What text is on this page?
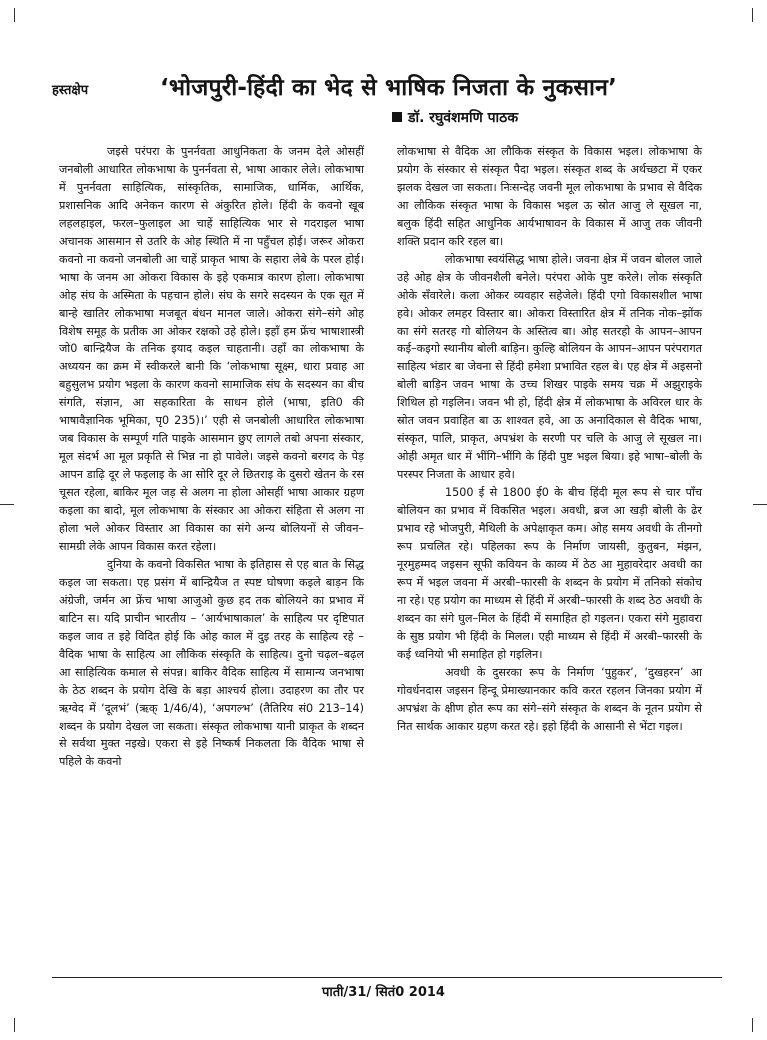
हस्तक्षेप	‘भोजपुरी-हिंदी का भेद से भाषिक निजता के नुकसान’
डॉ. रघुवंशमणि पाठक

जइसे परंपरा के पुनर्नवता आधुनिकता के जनम देले ओसहीं जनबोली आधारित लोकभाषा के पुनर्नवता से, भाषा आकार लेले। लोकभाषा में पुनर्नवता साहित्यिक, सांस्कृतिक, सामाजिक, धार्मिक, आर्थिक, प्रशासनिक आदि अनेकन कारण से अंकुरित होले। हिंदी के कवनो खूब लहलहाइल, फरल–फुलाइल आ चाहें साहित्यिक भार से गदराइल भाषा अचानक आसमान से उतरि के ओह स्थिति में ना पहुँचल होई। जरूर ओकरा कवनो ना कवनो जनबोली आ चाहें प्राकृत भाषा के सहारा लेबे के परल होई। भाषा के जनम आ ओकरा विकास के इहे एकमात्र कारण होला। लोकभाषा ओह संघ के अस्मिता के पहचान होले। संघ के सगरे सदस्यन के एक सूत में बान्हे खातिर लोकभाषा मजबूत बंधन मानल जाले। ओकरा संगे–संगे ओह विशेष समूह के प्रतीक आ ओकर रक्षको उहे होले। इहाँ हम फ्रेंच भाषाशास्त्री जो0 बान्द्रियैज के तनिक इयाद कइल चाहतानी। उहाँ का लोकभाषा के अध्ययन का क्रम में स्वीकरले बानी कि ‘लोकभाषा सूक्ष्म, धारा प्रवाह आ बहुसुलभ प्रयोग भइला के कारण कवनो सामाजिक संघ के सदस्यन का बीच संगति, संज्ञान, आ सहकारिता के साधन होले (भाषा, इति0 की भाषावैज्ञानिक भूमिका, पृ0 235)।’ एही से जनबोली आधारित लोकभाषा जब विकास के सम्पूर्ण गति पाइके आसमान छुए लागले तबो अपना संस्कार, मूल संदर्भ आ मूल प्रकृति से भिन्न ना हो पावेले। जइसे कवनो बरगद के पेड़ आपन डाढ़ि दूर ले फइलाइ के आ सोरि दूर ले छितराइ के दुसरो खेतन के रस चूसत रहेला, बाकिर मूल जड़ से अलग ना होला ओसहीं भाषा आकार ग्रहण कइला का बादो, मूल लोकभाषा के संस्कार आ ओकरा संहिता से अलग ना होला भले ओकर विस्तार आ विकास का संगे अन्य बोलियनों से जीवन–सामग्री लेके आपन विकास करत रहेला।

दुनिया के कवनो विकसित भाषा के इतिहास से एह बात के सिद्ध कइल जा सकता। एह प्रसंग में बान्द्रियैज त स्पष्ट घोषणा कइले बाड़न कि अंग्रेजी, जर्मन आ फ्रेंच भाषा आजुओ कुछ हद तक बोलियने का प्रभाव में बाटिन स। यदि प्राचीन भारतीय – ‘आर्यभाषाकाल’ के साहित्य पर दृष्टिपात कइल जाव त इहे विदित होई कि ओह काल में दुइ तरह के साहित्य रहे – वैदिक भाषा के साहित्य आ लौकिक संस्कृति के साहित्य। दुनो चढ़ल–बढ़ल आ साहित्यिक कमाल से संपन्न। बाकिर वैदिक साहित्य में सामान्य जनभाषा के ठेठ शब्दन के प्रयोग देखि के बड़ा आश्चर्य होला। उदाहरण का तौर पर ऋग्वेद में ‘दूलभं’ (ऋक् 1/46/4), ‘अपगल्भ’ (तैतिरिय सं0 213–14) शब्दन के प्रयोग देखल जा सकता। संस्कृत लोकभाषा यानी प्राकृत के शब्दन से सर्वथा मुक्त नइखे। एकरा से इहे निष्कर्ष निकलता कि वैदिक भाषा से पहिले के कवनो

लोकभाषा से वैदिक आ लौकिक संस्कृत के विकास भइल। लोकभाषा के प्रयोग के संस्कार से संस्कृत पैदा भइल। संस्कृत शब्द के अर्थच्छटा में एकर झलक देखल जा सकता। निःसन्देह जवनी मूल लोकभाषा के प्रभाव से वैदिक आ लौकिक संस्कृत भाषा के विकास भइल ऊ स्रोत आजु ले सूखल ना, बलुक हिंदी सहित आधुनिक आर्यभाषावन के विकास में आजु तक जीवनी शक्ति प्रदान करि रहल बा।

लोकभाषा स्वयंसिद्ध भाषा होले। जवना क्षेत्र में जवन बोलल जाले उहे ओह क्षेत्र के जीवनशैली बनेले। परंपरा ओके पुष्ट करेले। लोक संस्कृति ओके सँवारेले। कला ओकर व्यवहार सहेजेले। हिंदी एगो विकासशील भाषा हवे। ओकर लमहर विस्तार बा। ओकरा विस्तारित क्षेत्र में तनिक नोक–झोंक का संगे सतरह गो बोलियन के अस्तित्व बा। ओह सतरहो के आपन–आपन कई–कइगो स्थानीय बोली बाड़िन। कुल्हि बोलियन के आपन–आपन परंपरागत साहित्य भंडार बा जेवना से हिंदी हमेशा प्रभावित रहल बे। एह क्षेत्र में अइसनो बोली बाड़िन जवन भाषा के उच्च शिखर पाइके समय चक्र में अझुराइके शिथिल हो गइलिन। जवन भी हो, हिंदी क्षेत्र में लोकभाषा के अविरल धार के स्रोत जवन प्रवाहित बा ऊ शाश्वत हवे, आ ऊ अनादिकाल से वैदिक भाषा, संस्कृत, पालि, प्राकृत, अपभ्रंश के सरणी पर चलि के आजु ले सूखल ना। ओही अमृत धार में भींगि–भींगि के हिंदी पुष्ट भइल बिया। इहे भाषा–बोली के परस्पर निजता के आधार हवे।

1500 ई से 1800 ई0 के बीच हिंदी मूल रूप से चार पाँच बोलियन का प्रभाव में विकसित भइल। अवधी, ब्रज आ खड़ी बोली के ढेर प्रभाव रहे भोजपुरी, मैथिली के अपेक्षाकृत कम। ओह समय अवधी के तीनगो रूप प्रचलित रहे। पहिलका रूप के निर्माण जायसी, कुतुबन, मंझन, नूरमुहम्मद जइसन सूफी कवियन के काव्य में ठेठ आ मुहावरेदार अवधी का रूप में भइल जवना में अरबी–फारसी के शब्दन के प्रयोग में तनिको संकोच ना रहे। एह प्रयोग का माध्यम से हिंदी में अरबी–फारसी के शब्द ठेठ अवधी के शब्दन का संगे घुल–मिल के हिंदी में समाहित हो गइलन। एकरा संगे मुहावरा के सुष्ठ प्रयोग भी हिंदी के मिलल। एही माध्यम से हिंदी में अरबी–फारसी के कई ध्वनियो भी समाहित हो गइलिन।

अवधी के दुसरका रूप के निर्माण ‘पुहुकर’, ‘दुखहरन’ आ गोवर्धनदास जइसन हिन्दू प्रेमाख्यानकार कवि करत रहलन जिनका प्रयोग में अपभ्रंश के क्षीण होत रूप का संगे–संगे संस्कृत के शब्दन के नूतन प्रयोग से नित सार्थक आकार ग्रहण करत रहे। इहो हिंदी के आसानी से भेंटा गइल।

पाती/31/ सितं0 2014
